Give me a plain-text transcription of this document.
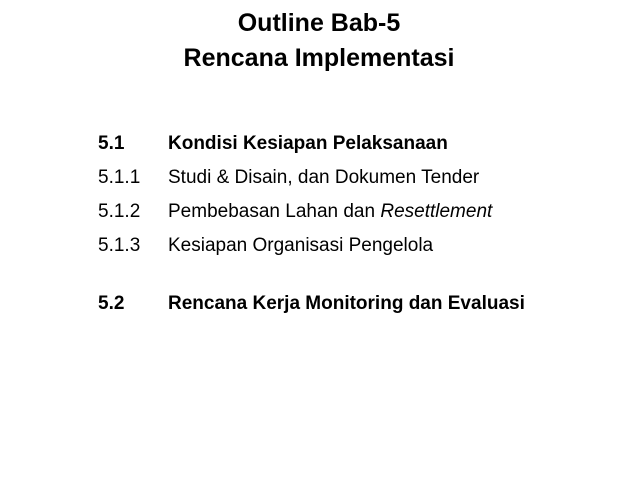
Outline Bab-5
Rencana Implementasi
5.1	Kondisi Kesiapan Pelaksanaan
5.1.1	Studi & Disain, dan Dokumen Tender
5.1.2	Pembebasan Lahan dan Resettlement
5.1.3	Kesiapan Organisasi Pengelola
5.2	Rencana Kerja Monitoring dan Evaluasi
